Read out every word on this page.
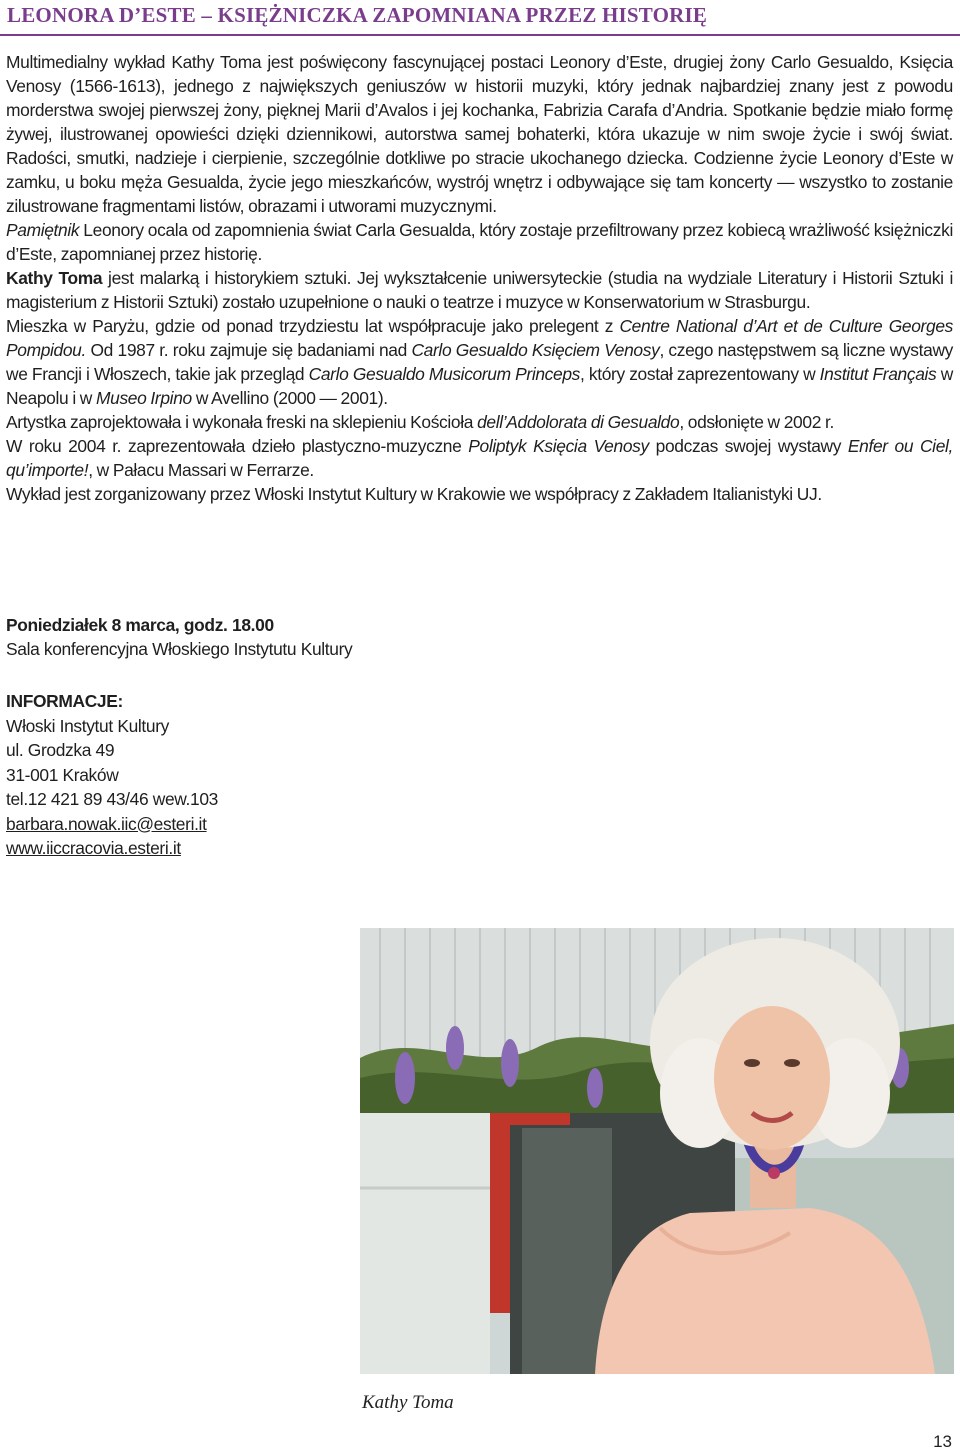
LEONORA D’ESTE – KSIĘŻNICZKA ZAPOMNIANA PRZEZ HISTORIĘ

Multimedialny wykład Kathy Toma jest poświęcony fascynującej postaci Leonory d’Este, drugiej żony Carlo Gesualdo, Księcia Venosy (1566-1613), jednego z największych geniuszów w historii muzyki, który jednak najbardziej znany jest z powodu morderstwa swojej pierwszej żony, pięknej Marii d’Avalos i jej kochanka, Fabrizia Carafa d’Andria. Spotkanie będzie miało formę żywej, ilustrowanej opowieści dzięki dziennikowi, autorstwa samej bohaterki, która ukazuje w nim swoje życie i swój świat. Radości, smutki, nadzieje i cierpienie, szczególnie dotkliwe po stracie ukochanego dziecka. Codzienne życie Leonory d’Este w zamku, u boku męża Gesualda, życie jego mieszkańców, wystrój wnętrz i odbywające się tam koncerty — wszystko to zostanie zilustrowane fragmentami listów, obrazami i utworami muzycznymi.

Pamiętnik Leonory ocala od zapomnienia świat Carla Gesualda, który zostaje przefiltrowany przez kobiecą wrażliwość księżniczki d’Este, zapomnianej przez historię.

Kathy Toma jest malarką i historykiem sztuki. Jej wykształcenie uniwersyteckie (studia na wydziale Literatury i Historii Sztuki i magisterium z Historii Sztuki) zostało uzupełnione o nauki o teatrze i muzyce w Konserwatorium w Strasburgu.

Mieszka w Paryżu, gdzie od ponad trzydziestu lat współpracuje jako prelegent z Centre National d’Art et de Culture Georges Pompidou. Od 1987 r. roku zajmuje się badaniami nad Carlo Gesualdo Księciem Venosy, czego następstwem są liczne wystawy we Francji i Włoszech, takie jak przegląd Carlo Gesualdo Musicorum Princeps, który został zaprezentowany w Institut Français w Neapolu i w Museo Irpino w Avellino (2000 — 2001).

Artystka zaprojektowała i wykonała freski na sklepieniu Kościoła dell’Addolorata di Gesualdo, odsłonięte w 2002 r.

W roku 2004 r. zaprezentowała dzieło plastyczno-muzyczne Poliptyk Księcia Venosy podczas swojej wystawy Enfer ou Ciel, qu’importe!, w Pałacu Massari w Ferrarze.

Wykład jest zorganizowany przez Włoski Instytut Kultury w Krakowie we współpracy z Zakładem Italianistyki UJ.

Poniedziałek 8 marca, godz. 18.00
Sala konferencyjna Włoskiego Instytutu Kultury
INFORMACJE:
Włoski Instytut Kultury
ul. Grodzka 49
31-001 Kraków
tel.12 421 89 43/46 wew.103
barbara.nowak.iic@esteri.it
www.iiccracovia.esteri.it
Kathy Toma
13
